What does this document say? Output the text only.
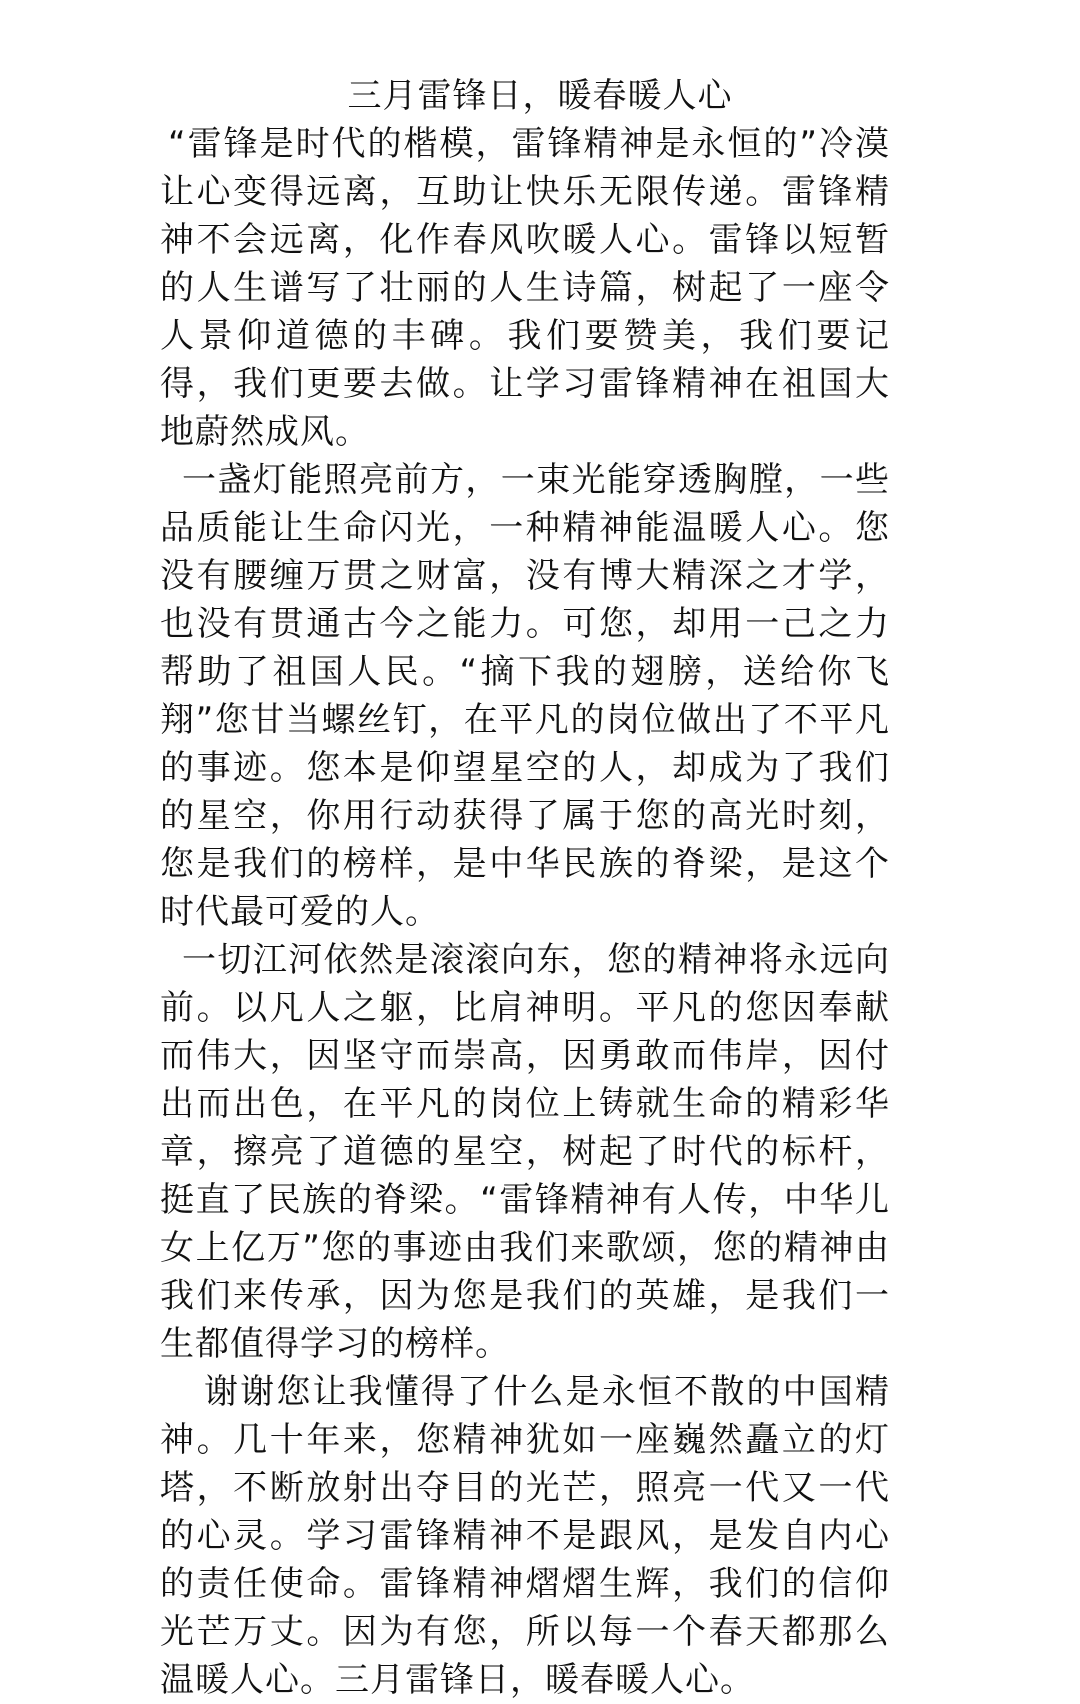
三月雷锋日，暖春暖人心

“雷锋是时代的楷模，雷锋精神是永恒的”冷漠让心变得远离，互助让快乐无限传递。雷锋精神不会远离，化作春风吹暖人心。雷锋以短暂的人生谱写了壮丽的人生诗篇，树起了一座令人景仰道德的丰碑。我们要赞美，我们要记得，我们更要去做。让学习雷锋精神在祖国大地蔚然成风。

一盏灯能照亮前方，一束光能穿透胸膛，一些品质能让生命闪光，一种精神能温暖人心。您没有腰缠万贯之财富，没有博大精深之才学，也没有贯通古今之能力。可您，却用一己之力帮助了祖国人民。“摘下我的翅膀，送给你飞翔”您甘当螺丝钉，在平凡的岗位做出了不平凡的事迹。您本是仰望星空的人，却成为了我们的星空，你用行动获得了属于您的高光时刻，您是我们的榜样，是中华民族的脊梁，是这个时代最可爱的人。

一切江河依然是滚滚向东，您的精神将永远向前。以凡人之躯，比肩神明。平凡的您因奉献而伟大，因坚守而崇高，因勇敢而伟岸，因付出而出色，在平凡的岗位上铸就生命的精彩华章，擦亮了道德的星空，树起了时代的标杆，挺直了民族的脊梁。“雷锋精神有人传，中华儿女上亿万”您的事迹由我们来歌颂，您的精神由我们来传承，因为您是我们的英雄，是我们一生都值得学习的榜样。

谢谢您让我懂得了什么是永恒不散的中国精神。几十年来，您精神犹如一座巍然矗立的灯塔，不断放射出夺目的光芒，照亮一代又一代的心灵。学习雷锋精神不是跟风，是发自内心的责任使命。雷锋精神熠熠生辉，我们的信仰光芒万丈。因为有您，所以每一个春天都那么温暖人心。三月雷锋日，暖春暖人心。
